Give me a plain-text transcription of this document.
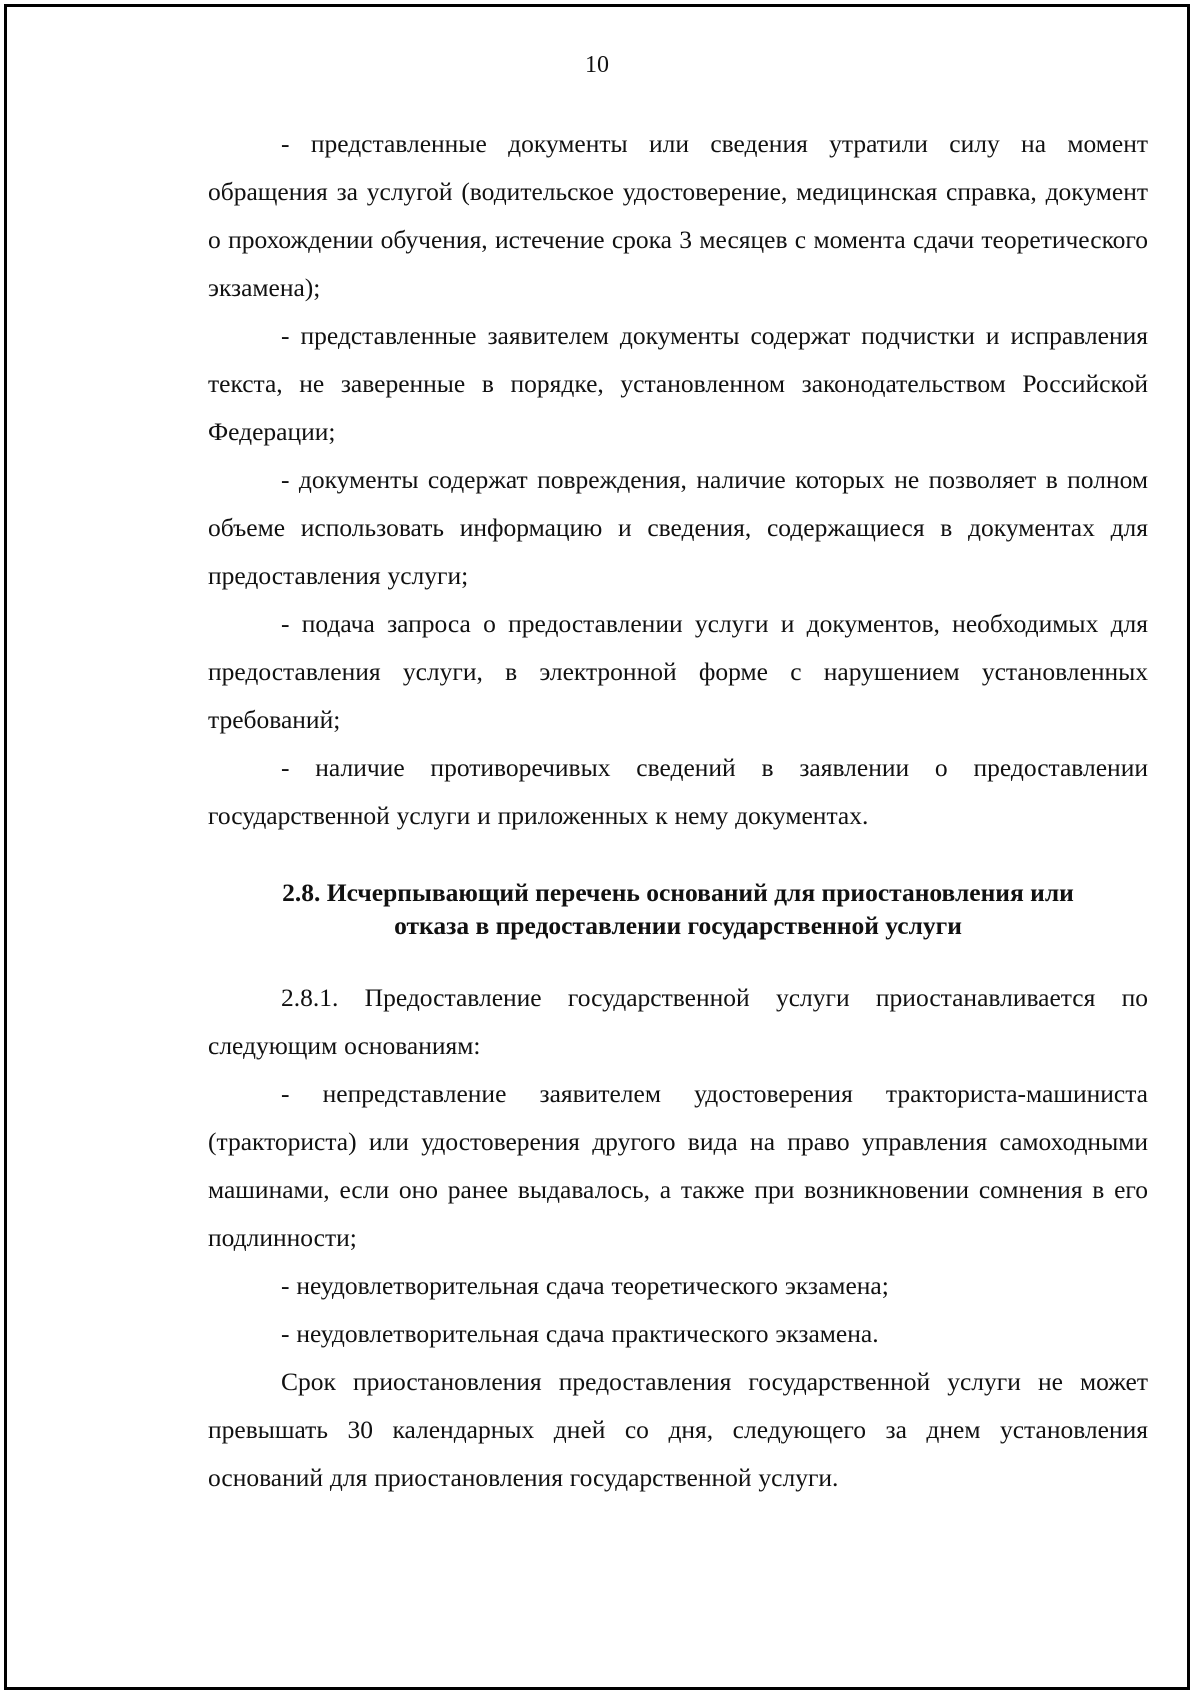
10

- представленные документы или сведения утратили силу на момент обращения за услугой (водительское удостоверение, медицинская справка, документ о прохождении обучения, истечение срока 3 месяцев с момента сдачи теоретического экзамена);

- представленные заявителем документы содержат подчистки и исправления текста, не заверенные в порядке, установленном законодательством Российской Федерации;

- документы содержат повреждения, наличие которых не позволяет в полном объеме использовать информацию и сведения, содержащиеся в документах для предоставления услуги;

- подача запроса о предоставлении услуги и документов, необходимых для предоставления услуги, в электронной форме с нарушением установленных требований;

- наличие противоречивых сведений в заявлении о предоставлении государственной услуги и приложенных к нему документах.

2.8. Исчерпывающий перечень оснований для приостановления или
отказа в предоставлении государственной услуги

2.8.1. Предоставление государственной услуги приостанавливается по следующим основаниям:

- непредставление заявителем удостоверения тракториста-машиниста (тракториста) или удостоверения другого вида на право управления самоходными машинами, если оно ранее выдавалось, а также при возникновении сомнения в его подлинности;

- неудовлетворительная сдача теоретического экзамена;

- неудовлетворительная сдача практического экзамена.

Срок приостановления предоставления государственной услуги не может превышать 30 календарных дней со дня, следующего за днем установления оснований для приостановления государственной услуги.
